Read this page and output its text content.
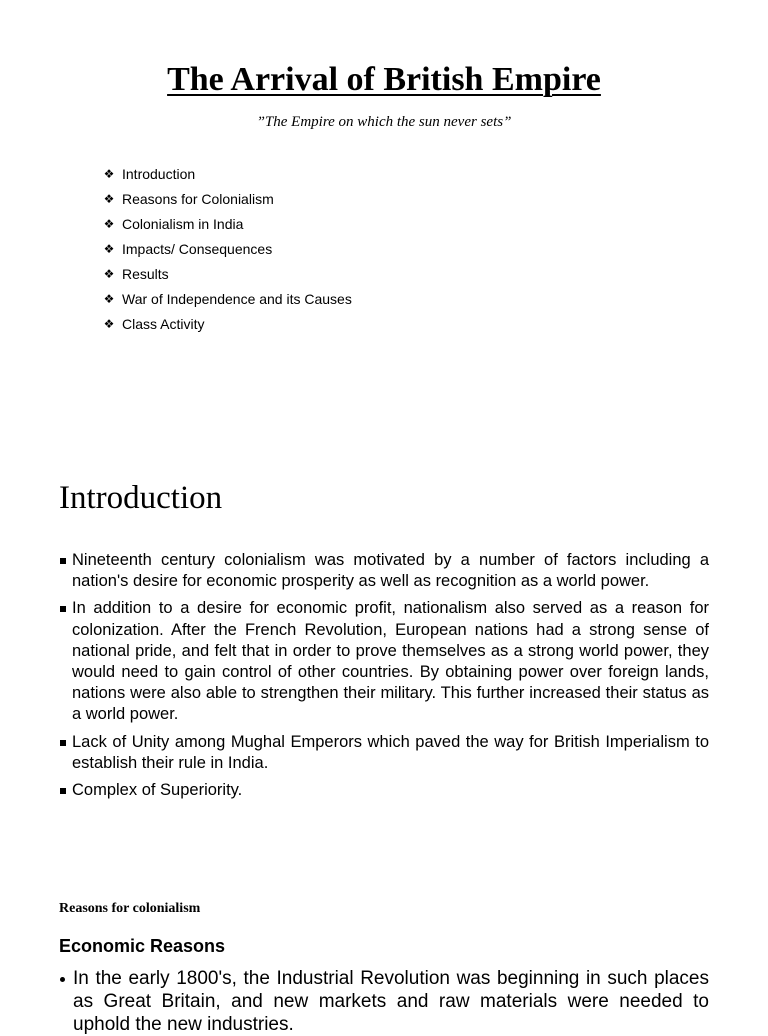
The Arrival of British Empire

”The Empire on which the sun never sets”

❖ Introduction
❖ Reasons for Colonialism
❖ Colonialism in India
❖ Impacts/ Consequences
❖ Results
❖ War of Independence and its Causes
❖ Class Activity
Introduction
Nineteenth century colonialism was motivated by a number of factors including a nation's desire for economic prosperity as well as recognition as a world power.
In addition to a desire for economic profit, nationalism also served as a reason for colonization. After the French Revolution, European nations had a strong sense of national pride, and felt that in order to prove themselves as a strong world power, they would need to gain control of other countries. By obtaining power over foreign lands, nations were also able to strengthen their military. This further increased their status as a world power.
Lack of Unity among Mughal Emperors which paved the way for British Imperialism to establish their rule in India.
Complex of Superiority.
Reasons for colonialism
Economic Reasons
In the early 1800's, the Industrial Revolution was beginning in such places as Great Britain, and new markets and raw materials were needed to uphold the new industries.
